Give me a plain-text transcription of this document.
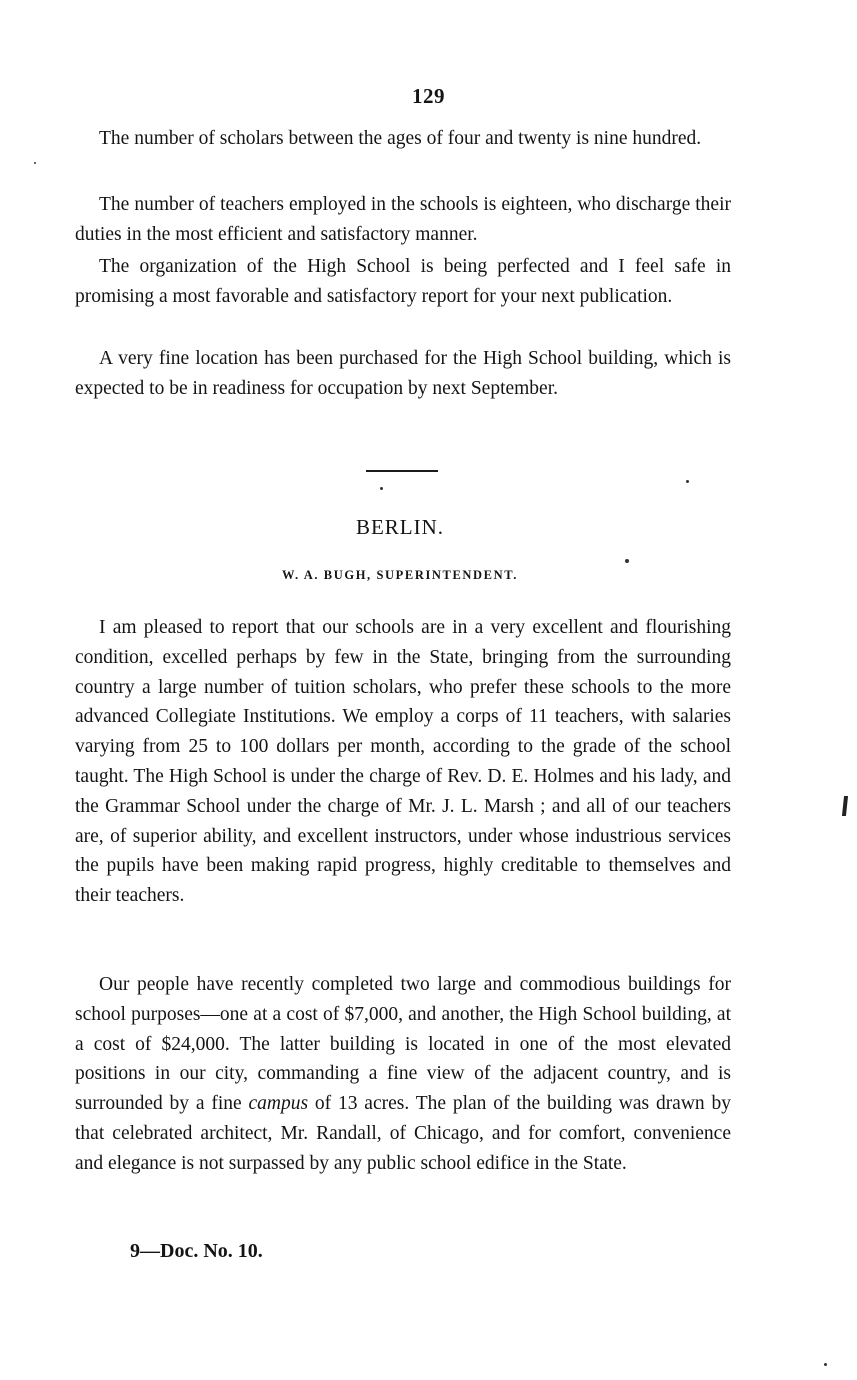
129

The number of scholars between the ages of four and twenty is nine hundred.

The number of teachers employed in the schools is eighteen, who discharge their duties in the most efficient and satisfactory manner.

The organization of the High School is being perfected and I feel safe in promising a most favorable and satisfactory report for your next publication.

A very fine location has been purchased for the High School building, which is expected to be in readiness for occupation by next September.

BERLIN.
W. A. BUGH, SUPERINTENDENT.

I am pleased to report that our schools are in a very excellent and flourishing condition, excelled perhaps by few in the State, bringing from the surrounding country a large number of tuition scholars, who prefer these schools to the more advanced Collegiate Institutions. We employ a corps of 11 teachers, with salaries varying from 25 to 100 dollars per month, according to the grade of the school taught. The High School is under the charge of Rev. D. E. Holmes and his lady, and the Grammar School under the charge of Mr. J. L. Marsh ; and all of our teachers are, of superior ability, and excellent instructors, under whose industrious services the pupils have been making rapid progress, highly creditable to themselves and their teachers.

Our people have recently completed two large and commodious buildings for school purposes—one at a cost of $7,000, and another, the High School building, at a cost of $24,000. The latter building is located in one of the most elevated positions in our city, commanding a fine view of the adjacent country, and is surrounded by a fine campus of 13 acres. The plan of the building was drawn by that celebrated architect, Mr. Randall, of Chicago, and for comfort, convenience and elegance is not surpassed by any public school edifice in the State.

9—Doc. No. 10.
